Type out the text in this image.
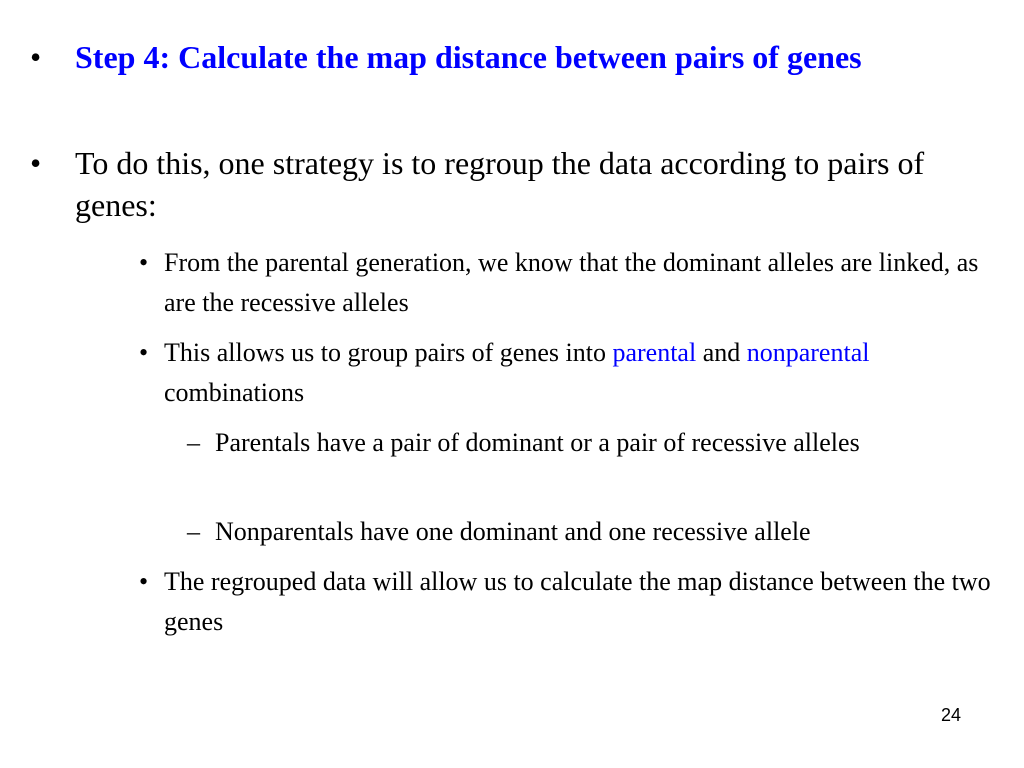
•	Step 4: Calculate the map distance between pairs of genes
•	To do this, one strategy is to regroup the data according to pairs of genes:
• From the parental generation, we know that the dominant alleles are linked, as are the recessive alleles
• This allows us to group pairs of genes into parental and nonparental combinations
– Parentals have a pair of dominant or a pair of recessive alleles
– Nonparentals have one dominant and one recessive allele
• The regrouped data will allow us to calculate the map distance between the two genes
24
